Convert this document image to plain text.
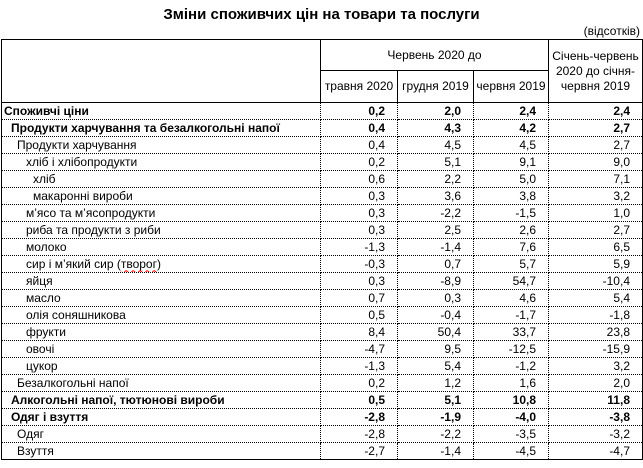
Зміни споживчих цін на товари та послуги
(відсотків)
	Червень 2020 до			Січень-червень 2020 до січня-червня 2019
	травня 2020	грудня 2019	червня 2019	
Споживчі ціни	0,2	2,0	2,4	2,4
Продукти харчування та безалкогольні напої	0,4	4,3	4,2	2,7
Продукти харчування	0,4	4,5	4,5	2,7
хліб і хлібопродукти	0,2	5,1	9,1	9,0
хліб	0,6	2,2	5,0	7,1
макаронні вироби	0,3	3,6	3,8	3,2
м’ясо та м’ясопродукти	0,3	-2,2	-1,5	1,0
риба та продукти з риби	0,3	2,5	2,6	2,7
молоко	-1,3	-1,4	7,6	6,5
сир і м’який сир (творог)	-0,3	0,7	5,7	5,9
яйця	0,3	-8,9	54,7	-10,4
масло	0,7	0,3	4,6	5,4
олія соняшникова	0,5	-0,4	-1,7	-1,8
фрукти	8,4	50,4	33,7	23,8
овочі	-4,7	9,5	-12,5	-15,9
цукор	-1,3	5,4	-1,2	3,2
Безалкогольні напої	0,2	1,2	1,6	2,0
Алкогольні напої, тютюнові вироби	0,5	5,1	10,8	11,8
Одяг і взуття	-2,8	-1,9	-4,0	-3,8
Одяг	-2,8	-2,2	-3,5	-3,2
Взуття	-2,7	-1,4	-4,5	-4,7
